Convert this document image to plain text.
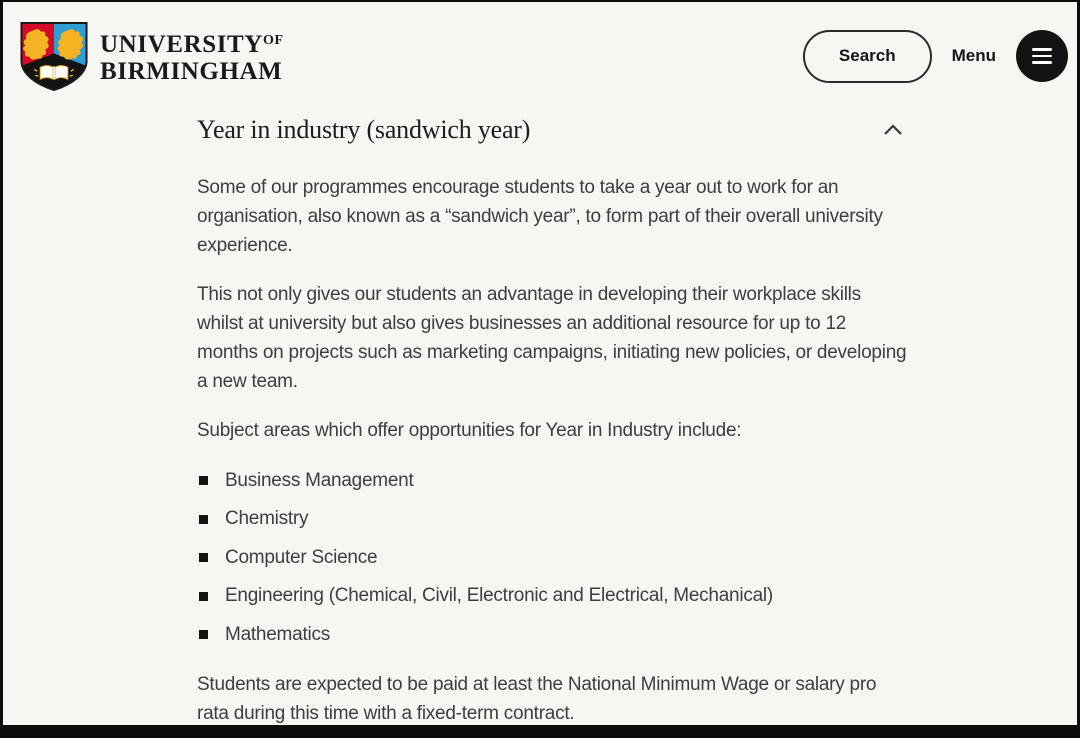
$UNIVERSITY^{OF}$
BIRMINGHAM
Search	Menu
Year in industry (sandwich year)

Some of our programmes encourage students to take a year out to work for an organisation, also known as a “sandwich year”, to form part of their overall university experience.

This not only gives our students an advantage in developing their workplace skills whilst at university but also gives businesses an additional resource for up to 12 months on projects such as marketing campaigns, initiating new policies, or developing a new team.

Subject areas which offer opportunities for Year in Industry include:

Business Management
Chemistry
Computer Science
Engineering (Chemical, Civil, Electronic and Electrical, Mechanical)
Mathematics

Students are expected to be paid at least the National Minimum Wage or salary pro rata during this time with a fixed-term contract.
